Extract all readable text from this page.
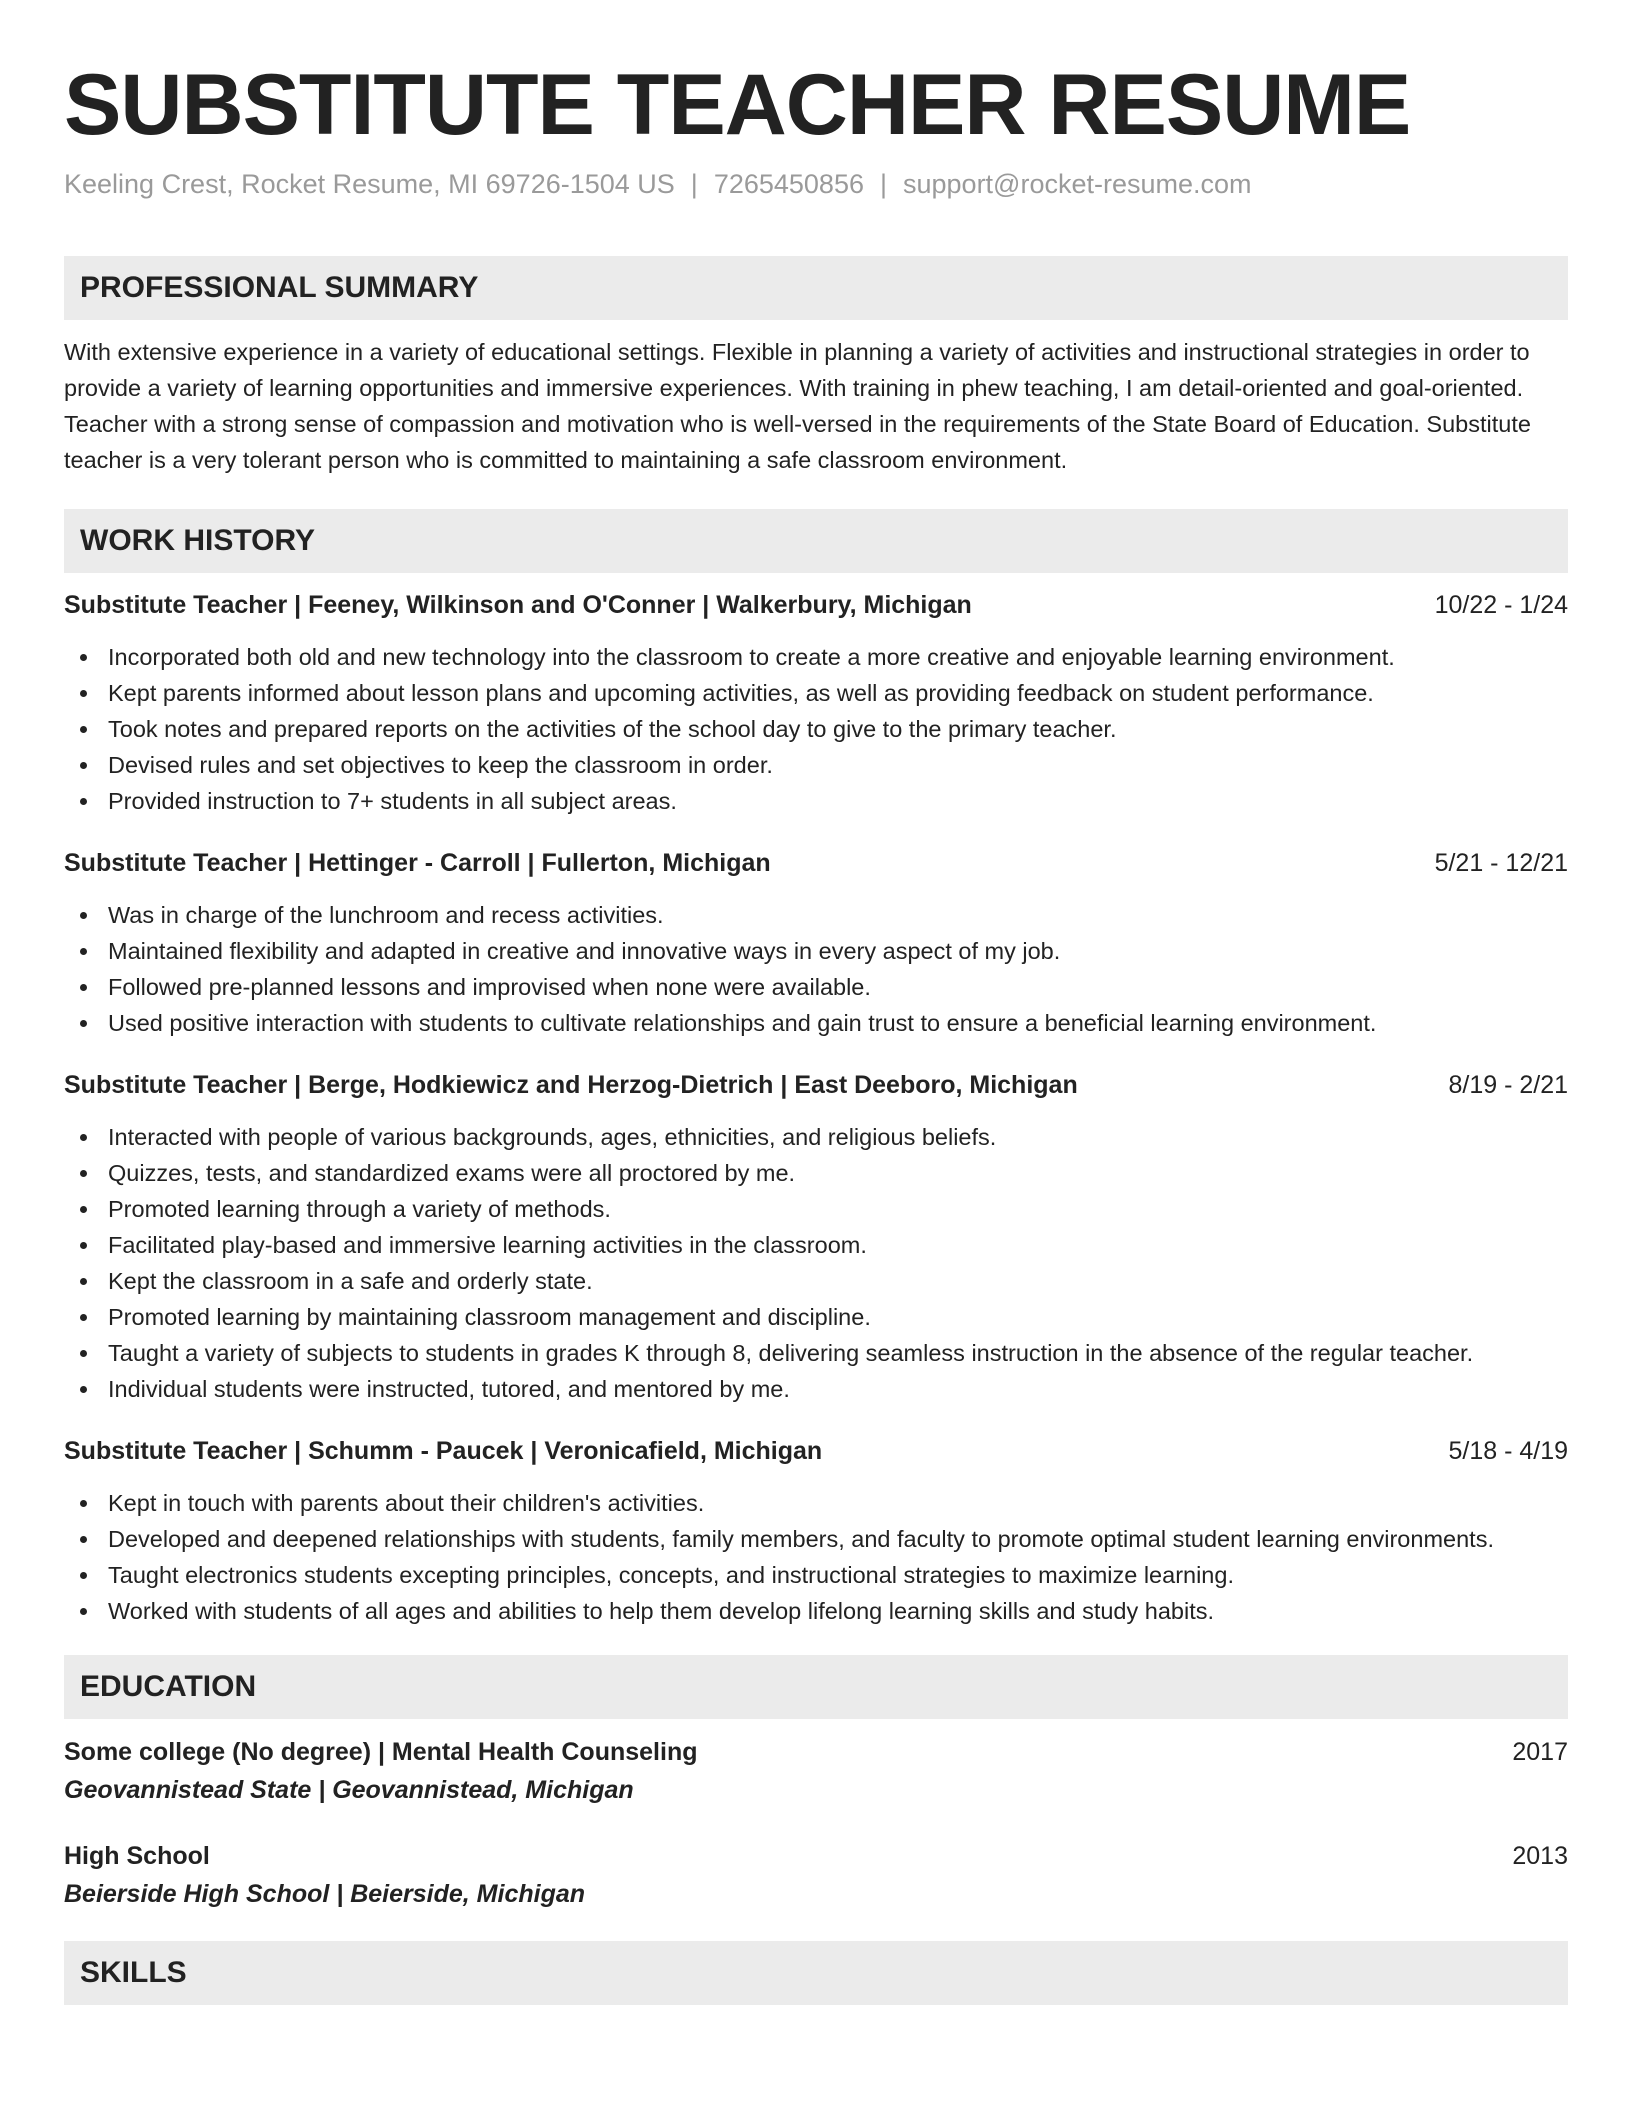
SUBSTITUTE TEACHER RESUME
Keeling Crest, Rocket Resume, MI 69726-1504 US | 7265450856 | support@rocket-resume.com
PROFESSIONAL SUMMARY

With extensive experience in a variety of educational settings. Flexible in planning a variety of activities and instructional strategies in order to provide a variety of learning opportunities and immersive experiences. With training in phew teaching, I am detail-oriented and goal-oriented. Teacher with a strong sense of compassion and motivation who is well-versed in the requirements of the State Board of Education. Substitute teacher is a very tolerant person who is committed to maintaining a safe classroom environment.

WORK HISTORY
Substitute Teacher | Feeney, Wilkinson and O'Conner | Walkerbury, Michigan	10/22 - 1/24
Incorporated both old and new technology into the classroom to create a more creative and enjoyable learning environment.
Kept parents informed about lesson plans and upcoming activities, as well as providing feedback on student performance.
Took notes and prepared reports on the activities of the school day to give to the primary teacher.
Devised rules and set objectives to keep the classroom in order.
Provided instruction to 7+ students in all subject areas.
Substitute Teacher | Hettinger - Carroll | Fullerton, Michigan	5/21 - 12/21
Was in charge of the lunchroom and recess activities.
Maintained flexibility and adapted in creative and innovative ways in every aspect of my job.
Followed pre-planned lessons and improvised when none were available.
Used positive interaction with students to cultivate relationships and gain trust to ensure a beneficial learning environment.
Substitute Teacher | Berge, Hodkiewicz and Herzog-Dietrich | East Deeboro, Michigan	8/19 - 2/21
Interacted with people of various backgrounds, ages, ethnicities, and religious beliefs.
Quizzes, tests, and standardized exams were all proctored by me.
Promoted learning through a variety of methods.
Facilitated play-based and immersive learning activities in the classroom.
Kept the classroom in a safe and orderly state.
Promoted learning by maintaining classroom management and discipline.
Taught a variety of subjects to students in grades K through 8, delivering seamless instruction in the absence of the regular teacher.
Individual students were instructed, tutored, and mentored by me.
Substitute Teacher | Schumm - Paucek | Veronicafield, Michigan	5/18 - 4/19
Kept in touch with parents about their children's activities.
Developed and deepened relationships with students, family members, and faculty to promote optimal student learning environments.
Taught electronics students excepting principles, concepts, and instructional strategies to maximize learning.
Worked with students of all ages and abilities to help them develop lifelong learning skills and study habits.
EDUCATION
Some college (No degree) | Mental Health Counseling	2017
Geovannistead State | Geovannistead, Michigan
High School	2013
Beierside High School | Beierside, Michigan
SKILLS
